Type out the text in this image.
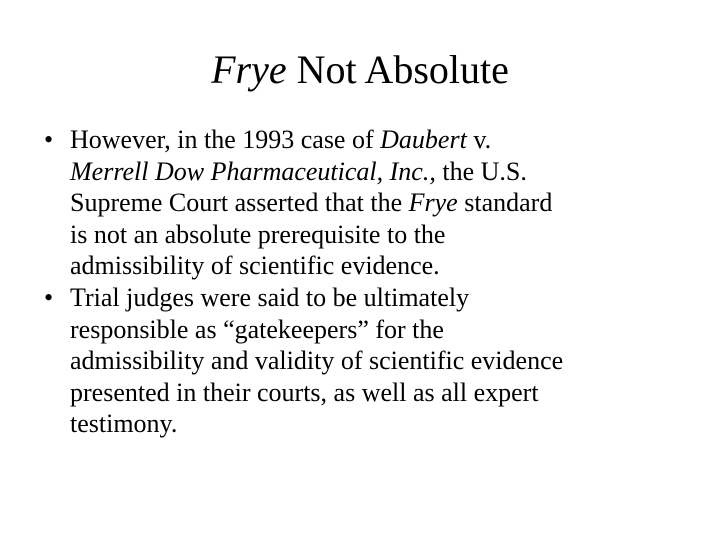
Frye Not Absolute
• However, in the 1993 case of Daubert v.
Merrell Dow Pharmaceutical, Inc., the U.S.
Supreme Court asserted that the Frye standard
is not an absolute prerequisite to the
admissibility of scientific evidence.
• Trial judges were said to be ultimately
responsible as “gatekeepers” for the
admissibility and validity of scientific evidence
presented in their courts, as well as all expert
testimony.
